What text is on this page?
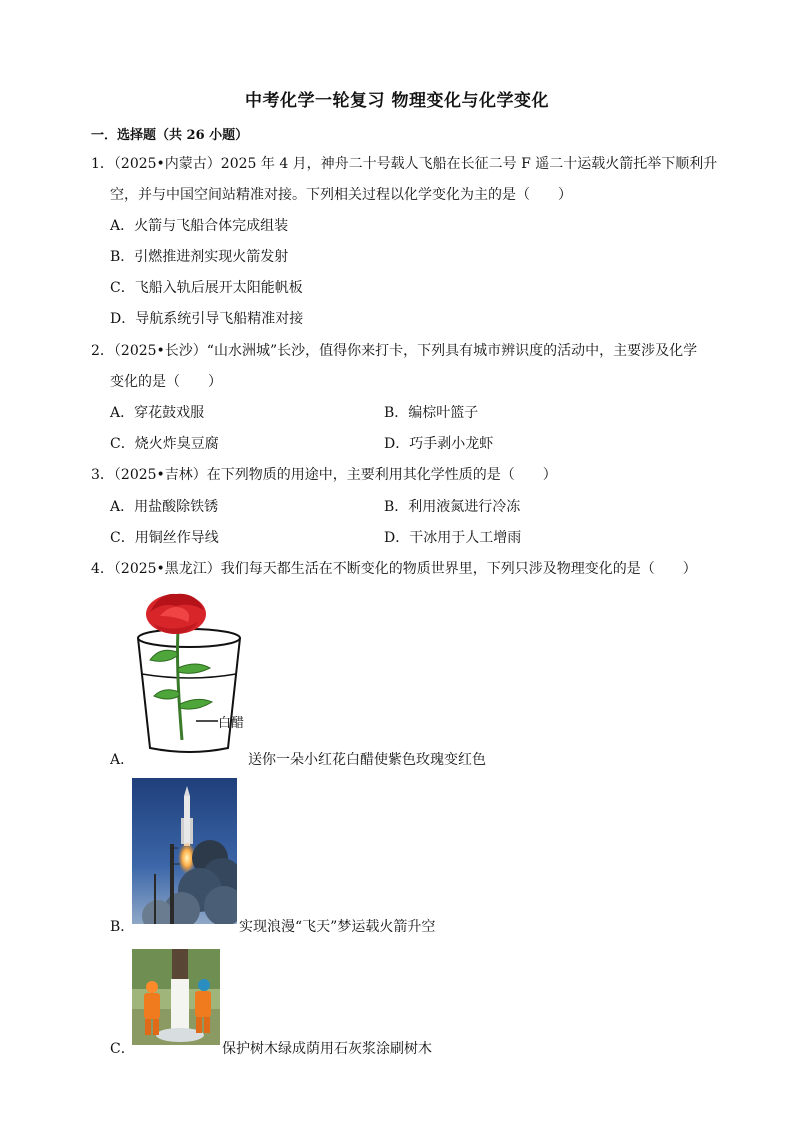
中考化学一轮复习 物理变化与化学变化
一．选择题（共 26 小题）
1．（2025•内蒙古）2025 年 4 月，神舟二十号载人飞船在长征二号 F 遥二十运载火箭托举下顺利升
空，并与中国空间站精准对接。下列相关过程以化学变化为主的是（　　）
A．火箭与飞船合体完成组装
B．引燃推进剂实现火箭发射
C．飞船入轨后展开太阳能帆板
D．导航系统引导飞船精准对接
2．（2025•长沙）“山水洲城”长沙，值得你来打卡，下列具有城市辨识度的活动中，主要涉及化学
变化的是（　　）
A．穿花鼓戏服	B．编棕叶篮子
C．烧火炸臭豆腐	D．巧手剥小龙虾
3．（2025•吉林）在下列物质的用途中，主要利用其化学性质的是（　　）
A．用盐酸除铁锈	B．利用液氮进行冷冻
C．用铜丝作导线	D．干冰用于人工增雨
4．（2025•黑龙江）我们每天都生活在不断变化的物质世界里，下列只涉及物理变化的是（　　）
白醋
A．	送你一朵小红花白醋使紫色玫瑰变红色
B．	实现浪漫“飞天”梦运载火箭升空
C．	保护树木绿成荫用石灰浆涂刷树木
